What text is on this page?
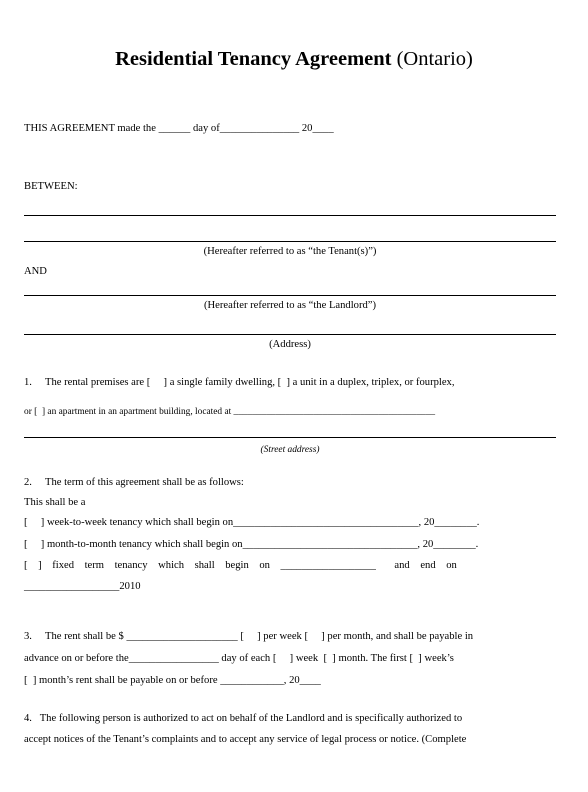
Residential Tenancy Agreement (Ontario)
THIS AGREEMENT made the ______ day of_______________ 20____
BETWEEN:
(Hereafter referred to as “the Tenant(s)”)
AND
(Hereafter referred to as “the Landlord”)
(Address)
1.     The rental premises are [     ] a single family dwelling, [  ] a unit in a duplex, triplex, or fourplex,
or [  ] an apartment in an apartment building, located at ___________________________________________
(Street address)
2.     The term of this agreement shall be as follows:
This shall be a
[     ] week-to-week tenancy which shall begin on___________________________________, 20________.
[     ] month-to-month tenancy which shall begin on_________________________________, 20________.
[    ]    fixed    term    tenancy    which    shall    begin    on    __________________       and    end    on
__________________2010
3.     The rent shall be $ _____________________ [     ] per week [     ] per month, and shall be payable in
advance on or before the_________________ day of each [     ] week  [  ] month. The first [  ] week’s
[  ] month’s rent shall be payable on or before ____________, 20____
4.   The following person is authorized to act on behalf of the Landlord and is specifically authorized to
accept notices of the Tenant’s complaints and to accept any service of legal process or notice. (Complete
